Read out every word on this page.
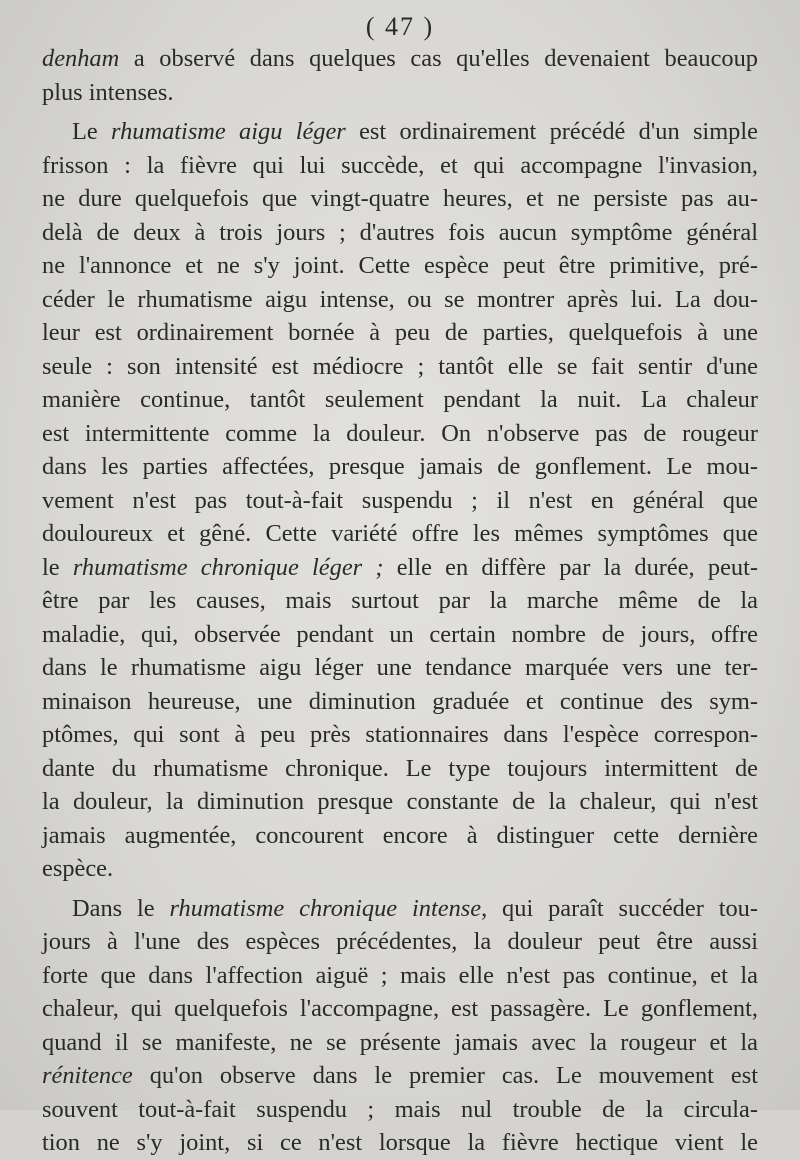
( 47 )
denham a observé dans quelques cas qu'elles devenaient beaucoup
plus intenses.
Le rhumatisme aigu léger est ordinairement précédé d'un simple
frisson : la fièvre qui lui succède, et qui accompagne l'invasion,
ne dure quelquefois que vingt-quatre heures, et ne persiste pas au-
delà de deux à trois jours ; d'autres fois aucun symptôme général
ne l'annonce et ne s'y joint. Cette espèce peut être primitive, pré-
céder le rhumatisme aigu intense, ou se montrer après lui. La dou-
leur est ordinairement bornée à peu de parties, quelquefois à une
seule : son intensité est médiocre ; tantôt elle se fait sentir d'une
manière continue, tantôt seulement pendant la nuit. La chaleur
est intermittente comme la douleur. On n'observe pas de rougeur
dans les parties affectées, presque jamais de gonflement. Le mou-
vement n'est pas tout-à-fait suspendu ; il n'est en général que
douloureux et gêné. Cette variété offre les mêmes symptômes que
le rhumatisme chronique léger ; elle en diffère par la durée, peut-
être par les causes, mais surtout par la marche même de la
maladie, qui, observée pendant un certain nombre de jours, offre
dans le rhumatisme aigu léger une tendance marquée vers une ter-
minaison heureuse, une diminution graduée et continue des sym-
ptômes, qui sont à peu près stationnaires dans l'espèce correspon-
dante du rhumatisme chronique. Le type toujours intermittent de
la douleur, la diminution presque constante de la chaleur, qui n'est
jamais augmentée, concourent encore à distinguer cette dernière
espèce.
Dans le rhumatisme chronique intense, qui paraît succéder tou-
jours à l'une des espèces précédentes, la douleur peut être aussi
forte que dans l'affection aiguë ; mais elle n'est pas continue, et la
chaleur, qui quelquefois l'accompagne, est passagère. Le gonflement,
quand il se manifeste, ne se présente jamais avec la rougeur et la
rénitence qu'on observe dans le premier cas. Le mouvement est
souvent tout-à-fait suspendu ; mais nul trouble de la circula-
tion ne s'y joint, si ce n'est lorsque la fièvre hectique vient le
